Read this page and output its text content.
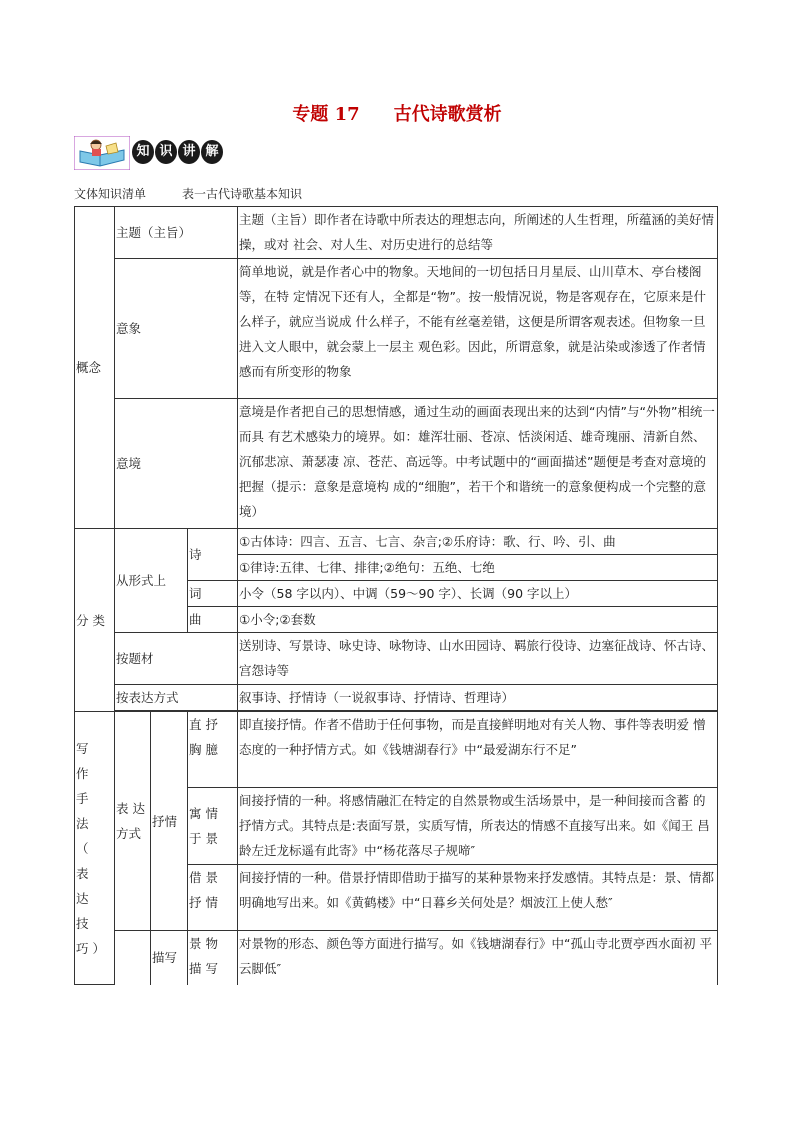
专题 17 古代诗歌赏析
知 识 讲 解
文体知识清单	表一古代诗歌基本知识
概念	主题（主旨）			主题（主旨）即作者在诗歌中所表达的理想志向，所阐述的人生哲理，所蕴涵的美好情操，或对 社会、对人生、对历史进行的总结等

	意象			简单地说，就是作者心中的物象。天地间的一切包括日月星辰、山川草木、亭台楼阁等，在特 定情况下还有人，全都是“物”。按一般情况说，物是客观存在，它原来是什么样子，就应当说成 什么样子，不能有丝毫差错，这便是所谓客观表述。但物象一旦进入文人眼中，就会蒙上一层主 观色彩。因此，所谓意象，就是沾染或渗透了作者情感而有所变形的物象

	意境			意境是作者把自己的思想情感，通过生动的画面表现出来的达到“内情”与“外物”相统一而具 有艺术感染力的境界。如：雄浑壮丽、苍凉、恬淡闲适、雄奇瑰丽、清新自然、沉郁悲凉、萧瑟凄 凉、苍茫、高远等。中考试题中的“画面描述”题便是考查对意境的把握（提示：意象是意境构 成的“细胞”，若干个和谐统一的意象便构成一个完整的意境）

分 类	从形式上		诗	①古体诗：四言、五言、七言、杂言;②乐府诗：歌、行、吟、引、曲

				①律诗:五律、七律、排律;②绝句：五绝、七绝

			词	小令（58 字以内）、中调（59～90 字）、长调（90 字以上）

			曲	①小令;②套数

	按题材			送别诗、写景诗、咏史诗、咏物诗、山水田园诗、羁旅行役诗、边塞征战诗、怀古诗、宫怨诗等

	按表达方式			叙事诗、抒情诗（一说叙事诗、抒情诗、哲理诗）

写 作 手 法 （ 表 达 技 巧）	表 达 方式	抒情	直抒 胸臆	即直接抒情。作者不借助于任何事物，而是直接鲜明地对有关人物、事件等表明爱 憎态度的一种抒情方式。如《钱塘湖春行》中“最爱湖东行不足”

			寓情 于景	间接抒情的一种。将感情融汇在特定的自然景物或生活场景中，是一种间接而含蓄 的抒情方式。其特点是:表面写景，实质写情，所表达的情感不直接写出来。如《闻王 昌龄左迁龙标遥有此寄》中“杨花落尽子规啼″

			借景 抒情	间接抒情的一种。借景抒情即借助于描写的某种景物来抒发感情。其特点是：景、情都明确地写出来。如《黄鹤楼》中“日暮乡关何处是？烟波江上使人愁″

		描写	景物 描写	对景物的形态、颜色等方面进行描写。如《钱塘湖春行》中“孤山寺北贾亭西水面初 平云脚低″
